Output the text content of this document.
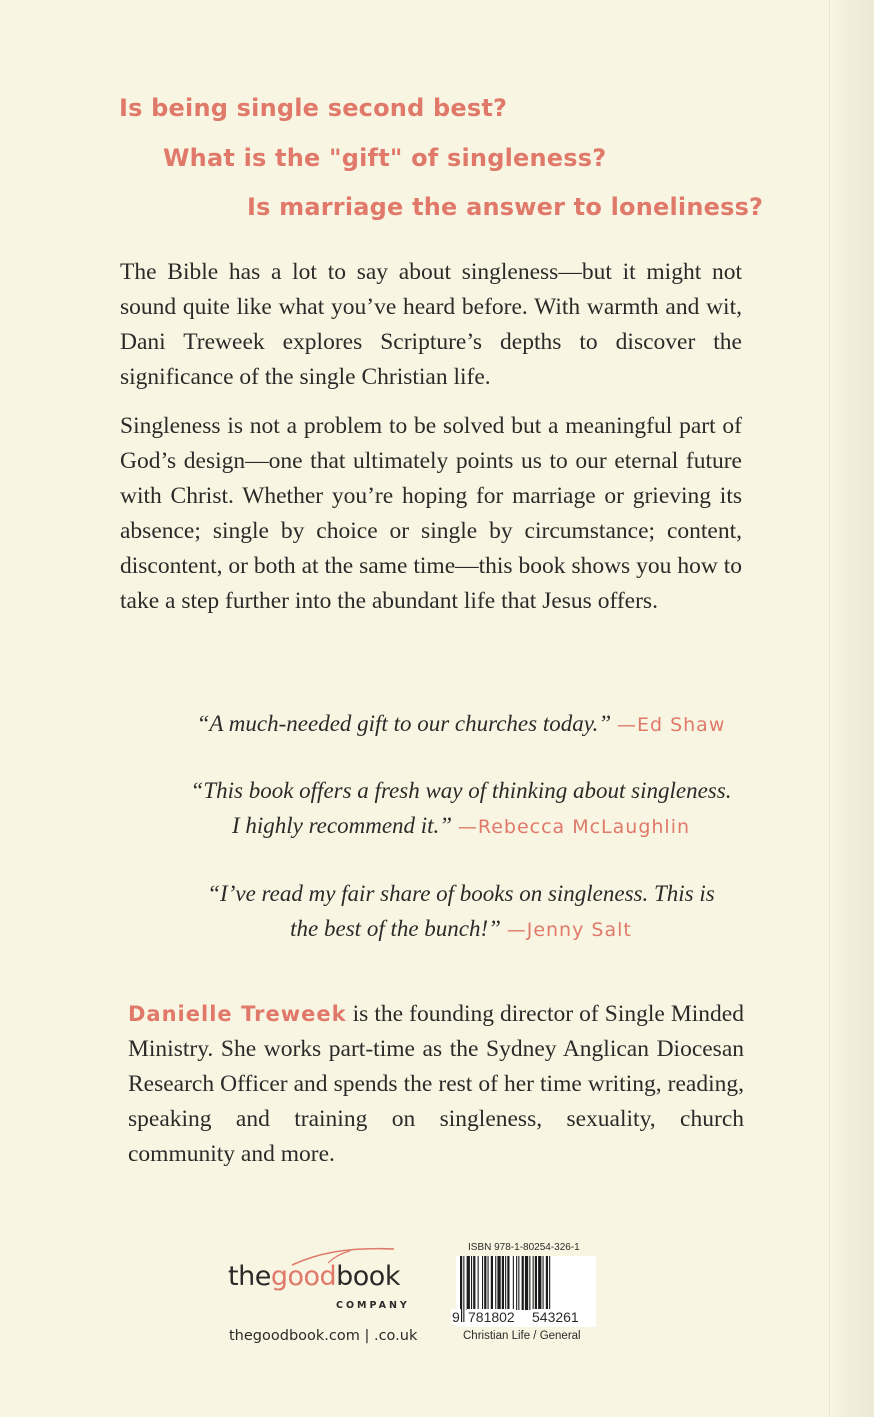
Is being single second best?
What is the "gift" of singleness?
Is marriage the answer to loneliness?

The Bible has a lot to say about singleness—but it might not sound quite like what you’ve heard before. With warmth and wit, Dani Treweek explores Scripture’s depths to discover the significance of the single Christian life.

Singleness is not a problem to be solved but a meaningful part of God’s design—one that ultimately points us to our eternal future with Christ. Whether you’re hoping for marriage or grieving its absence; single by choice or single by circumstance; content, discontent, or both at the same time—this book shows you how to take a step further into the abundant life that Jesus offers.

“A much-needed gift to our churches today.” —Ed Shaw
“This book offers a fresh way of thinking about singleness.
I highly recommend it.” —Rebecca McLaughlin
“I’ve read my fair share of books on singleness. This is
the best of the bunch!” —Jenny Salt

Danielle Treweek is the founding director of Single Minded Ministry. She works part-time as the Sydney Anglican Diocesan Research Officer and spends the rest of her time writing, reading, speaking and training on singleness, sexuality, church community and more.

thegoodbook
COMPANY
thegoodbook.com | .co.uk
ISBN 978-1-80254-326-1
9 781802 543261
Christian Life / General
